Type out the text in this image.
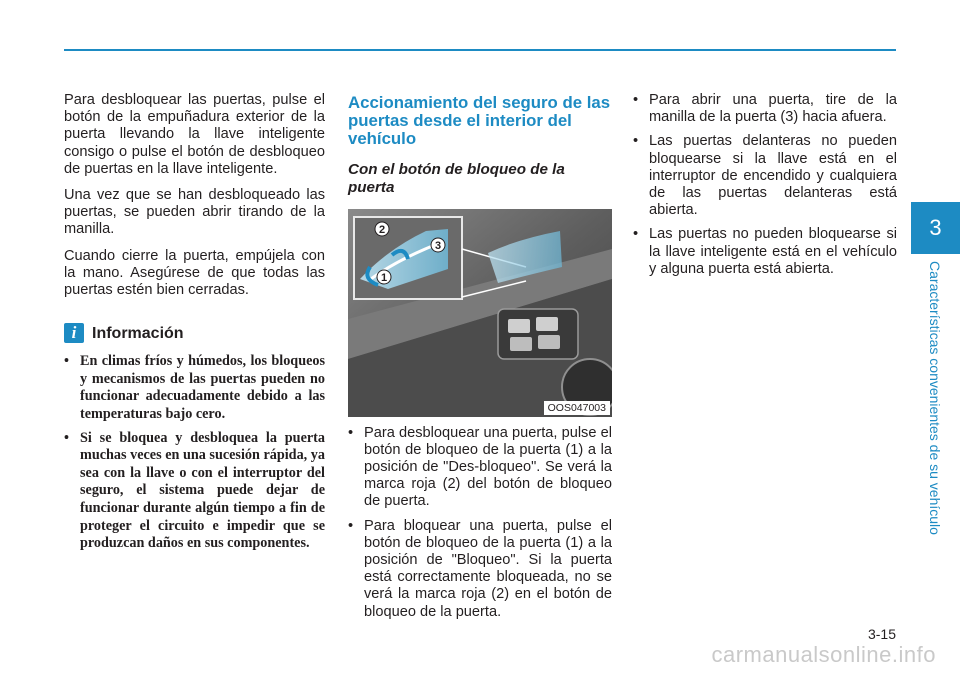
Para desbloquear las puertas, pulse el botón de la empuñadura exterior de la puerta llevando la llave inteligente consigo o pulse el botón de desbloqueo de puertas en la llave inteligente.

Una vez que se han desbloqueado las puertas, se pueden abrir tirando de la manilla.

Cuando cierre la puerta, empújela con la mano. Asegúrese de que todas las puertas estén bien cerradas.

i Información
• En climas fríos y húmedos, los bloqueos y mecanismos de las puertas pueden no funcionar adecuadamente debido a las temperaturas bajo cero.
• Si se bloquea y desbloquea la puerta muchas veces en una sucesión rápida, ya sea con la llave o con el interruptor del seguro, el sistema puede dejar de funcionar durante algún tiempo a fin de proteger el circuito e impedir que se produzcan daños en sus componentes.
Accionamiento del seguro de las puertas desde el interior del vehículo
Con el botón de bloqueo de la puerta
2
1
3
OOS047003
• Para desbloquear una puerta, pulse el botón de bloqueo de la puerta (1) a la posición de "Des-bloqueo". Se verá la marca roja (2) del botón de bloqueo de puerta.
• Para bloquear una puerta, pulse el botón de bloqueo de la puerta (1) a la posición de "Bloqueo". Si la puerta está correctamente bloqueada, no se verá la marca roja (2) en el botón de bloqueo de la puerta.
• Para abrir una puerta, tire de la manilla de la puerta (3) hacia afuera.
• Las puertas delanteras no pueden bloquearse si la llave está en el interruptor de encendido y cualquiera de las puertas delanteras está abierta.
• Las puertas no pueden bloquearse si la llave inteligente está en el vehículo y alguna puerta está abierta.
3
Características convenientes de su vehículo
3-15
carmanualsonline.info
